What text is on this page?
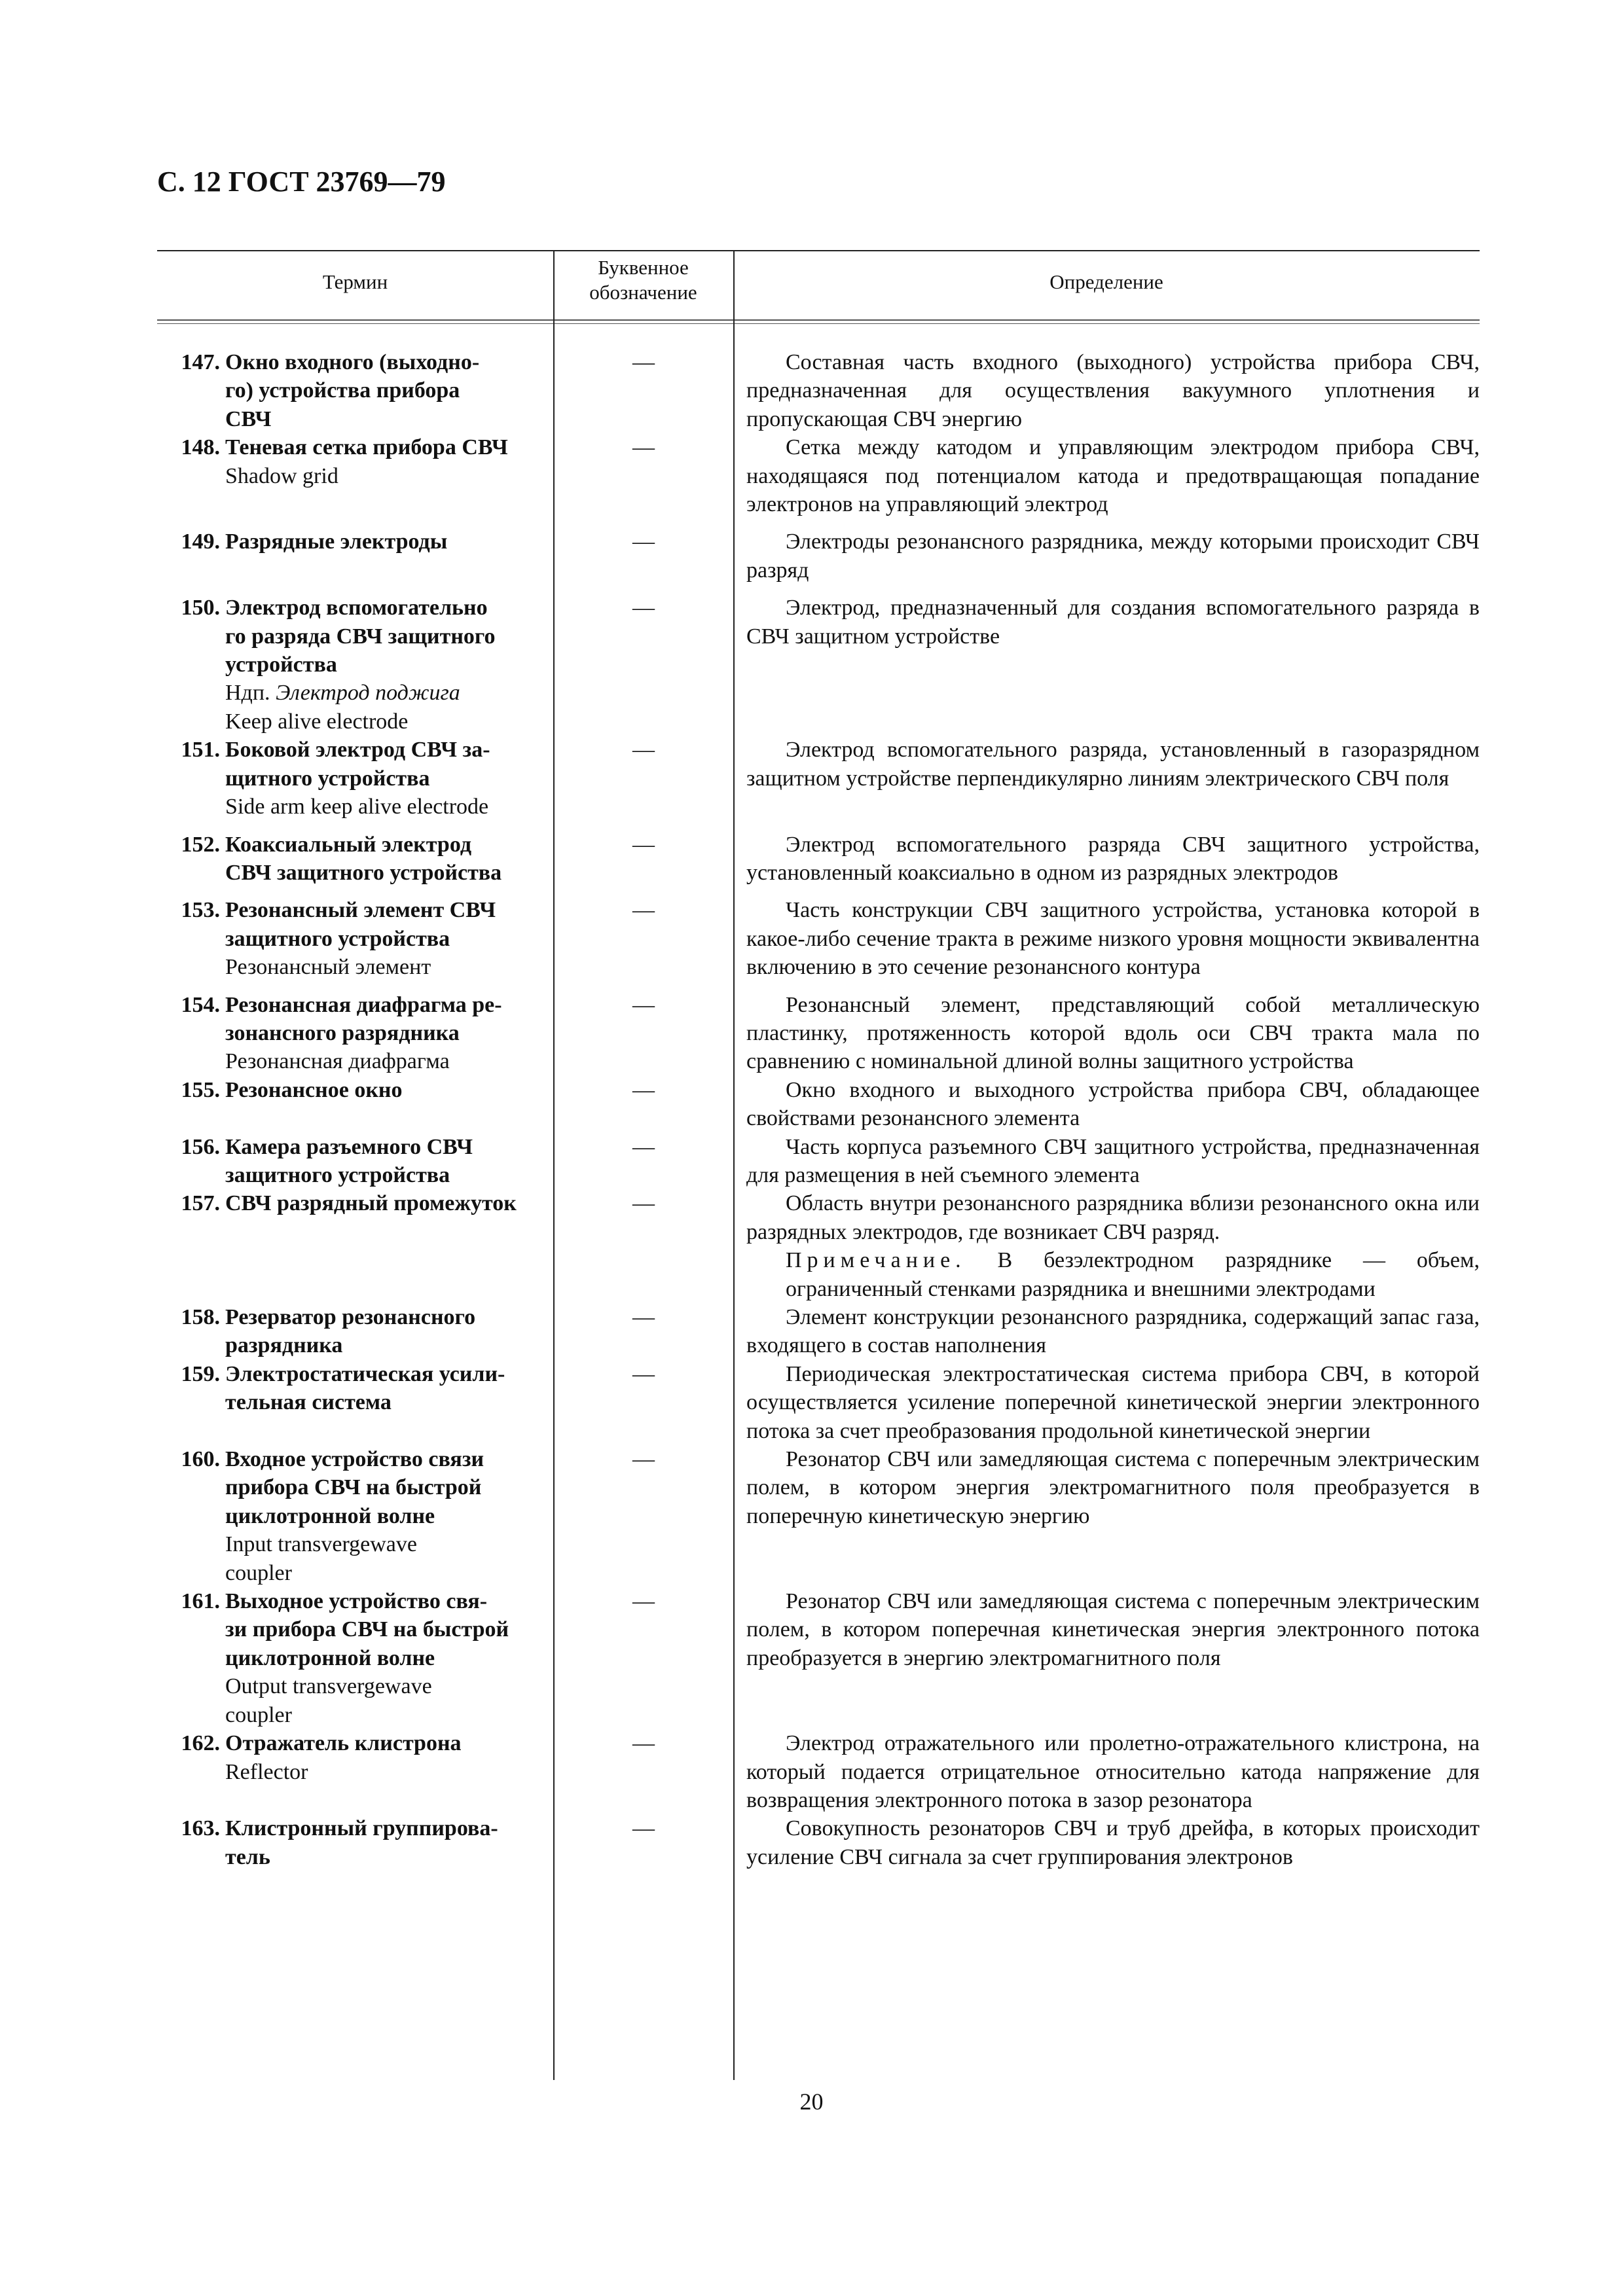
С. 12 ГОСТ 23769—79
Термин
Буквенное
обозначение	Определение
147. Окно входного (выходно-
го) устройства прибора
СВЧ
—	Составная часть входного (выходного) устройства прибора СВЧ, предназначенная для осуществления вакуумного уплотнения и пропускающая СВЧ энергию
148. Теневая сетка прибора СВЧ
Shadow grid
—	Сетка между катодом и управляющим электродом прибора СВЧ, находящаяся под потенциалом катода и предотвращающая попадание электронов на управляющий электрод
149. Разрядные электроды	—	Электроды резонансного разрядника, между которыми происходит СВЧ разряд
150. Электрод вспомогательно
го разряда СВЧ защитного
устройства
Ндп. Электрод поджига
Keep alive electrode
—	Электрод, предназначенный для создания вспомогательного разряда в СВЧ защитном устройстве
151. Боковой электрод СВЧ за-
щитного устройства
Side arm keep alive electrode
—	Электрод вспомогательного разряда, установленный в газоразрядном защитном устройстве перпендикулярно линиям электрического СВЧ поля
152. Коаксиальный электрод
СВЧ защитного устройства
—	Электрод вспомогательного разряда СВЧ защитного устройства, установленный коаксиально в одном из разрядных электродов
153. Резонансный элемент СВЧ
защитного устройства
Резонансный элемент
—	Часть конструкции СВЧ защитного устройства, установка которой в какое-либо сечение тракта в режиме низкого уровня мощности эквивалентна включению в это сечение резонансного контура
154. Резонансная диафрагма ре-
зонансного разрядника
Резонансная диафрагма
—	Резонансный элемент, представляющий собой металлическую пластинку, протяженность которой вдоль оси СВЧ тракта мала по сравнению с номинальной длиной волны защитного устройства
155. Резонансное окно	—	Окно входного и выходного устройства прибора СВЧ, обладающее свойствами резонансного элемента
156. Камера разъемного СВЧ
защитного устройства
—	Часть корпуса разъемного СВЧ защитного устройства, предназначенная для размещения в ней съемного элемента
157. СВЧ разрядный промежуток	—	Область внутри резонансного разрядника вблизи резонансного окна или разрядных электродов, где возникает СВЧ разряд.
Примечание. В безэлектродном разряднике — объем, ограниченный стенками разрядника и внешними электродами
158. Резерватор резонансного
разрядника
—	Элемент конструкции резонансного разрядника, содержащий запас газа, входящего в состав наполнения
159. Электростатическая усили-
тельная система
—	Периодическая электростатическая система прибора СВЧ, в которой осуществляется усиление поперечной кинетической энергии электронного потока за счет преобразования продольной кинетической энергии
160. Входное устройство связи
прибора СВЧ на быстрой
циклотронной волне
Input transvergewave
coupler
—	Резонатор СВЧ или замедляющая система с поперечным электрическим полем, в котором энергия электромагнитного поля преобразуется в поперечную кинетическую энергию
161. Выходное устройство свя-
зи прибора СВЧ на быстрой
циклотронной волне
Output transvergewave
coupler
—	Резонатор СВЧ или замедляющая система с поперечным электрическим полем, в котором поперечная кинетическая энергия электронного потока преобразуется в энергию электромагнитного поля
162. Отражатель клистрона
Reflector
—	Электрод отражательного или пролетно-отражательного клистрона, на который подается отрицательное относительно катода напряжение для возвращения электронного потока в зазор резонатора
163. Клистронный группирова-
тель
—	Совокупность резонаторов СВЧ и труб дрейфа, в которых происходит усиление СВЧ сигнала за счет группирования электронов
20
